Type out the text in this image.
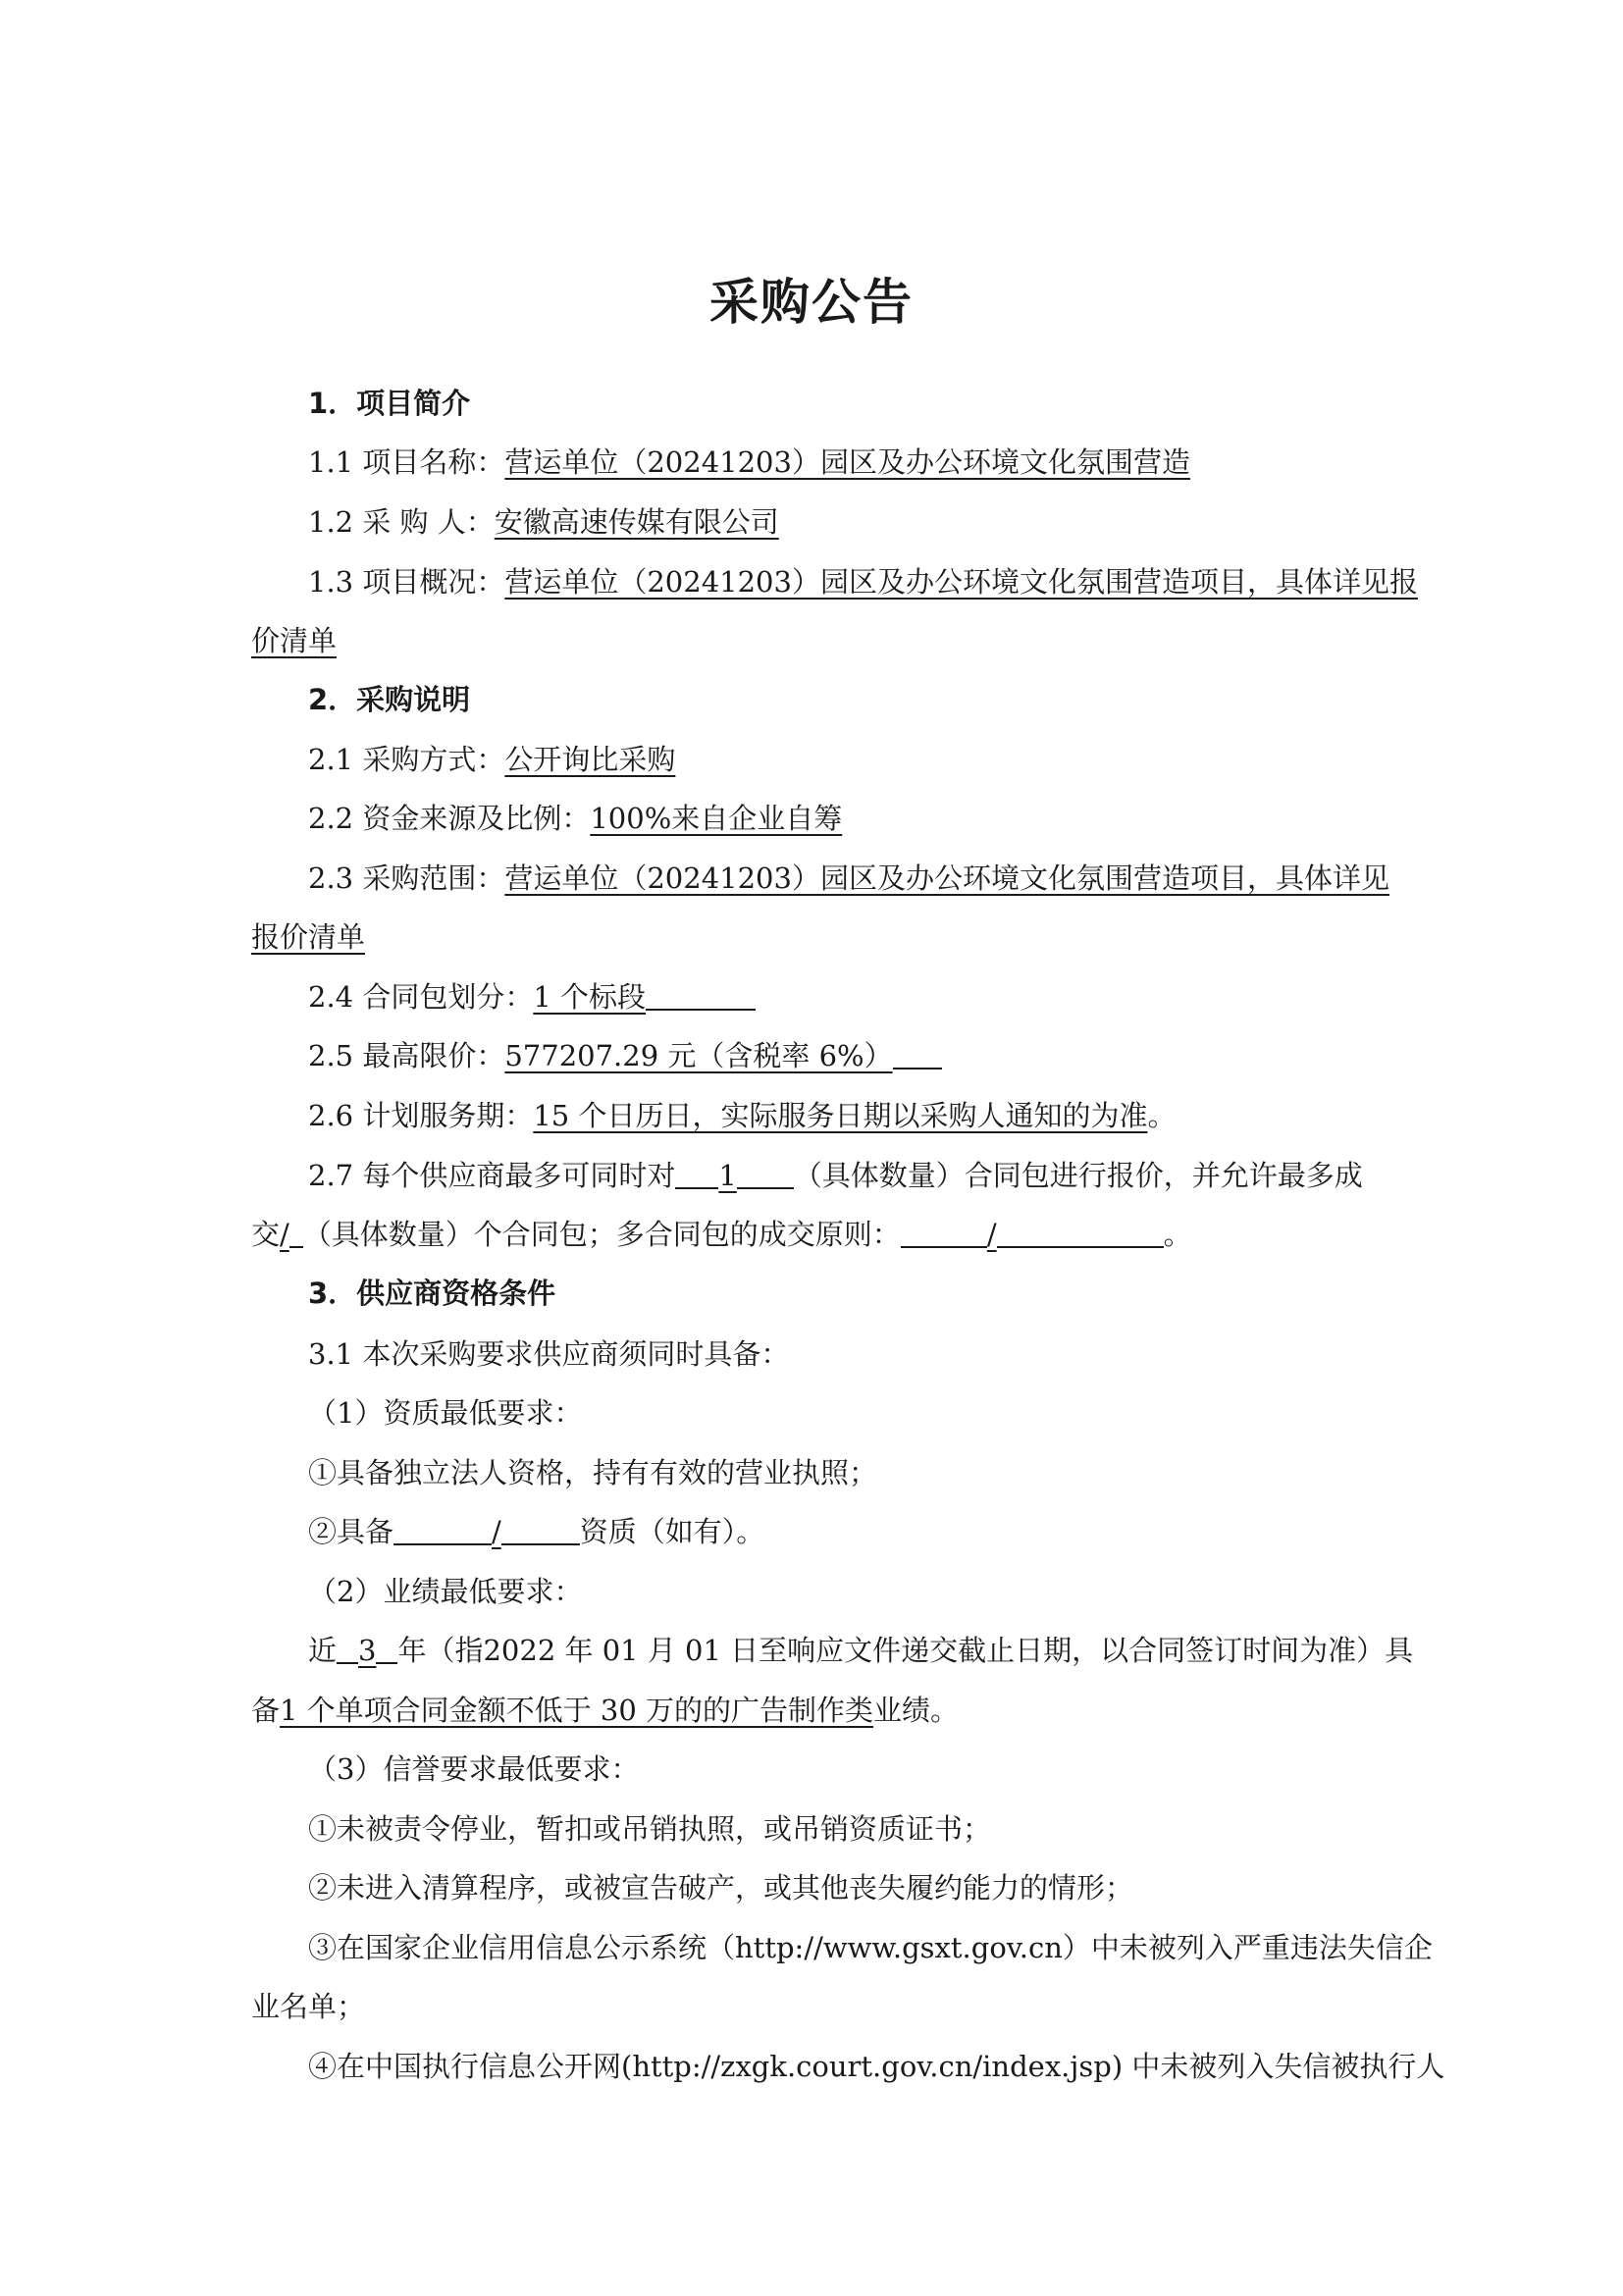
采购公告

1．项目简介

1.1 项目名称：营运单位（20241203）园区及办公环境文化氛围营造

1.2 采 购 人：安徽高速传媒有限公司

1.3 项目概况：营运单位（20241203）园区及办公环境文化氛围营造项目，具体详见报

价清单

2．采购说明

2.1 采购方式：公开询比采购

2.2 资金来源及比例：100%来自企业自筹

2.3 采购范围：营运单位（20241203）园区及办公环境文化氛围营造项目，具体详见

报价清单

2.4 合同包划分：1 个标段

2.5 最高限价：577207.29 元（含税率 6%）

2.6 计划服务期：15 个日历日，实际服务日期以采购人通知的为准。

2.7 每个供应商最多可同时对 1 （具体数量）合同包进行报价，并允许最多成

交/ （具体数量）个合同包；多合同包的成交原则：	/	。

3．供应商资格条件

3.1 本次采购要求供应商须同时具备：

（1）资质最低要求：

①具备独立法人资格，持有有效的营业执照；

②具备	/	资质（如有）。

（2）业绩最低要求：

近 3 年（指2022 年 01 月 01 日至响应文件递交截止日期，以合同签订时间为准）具

备1 个单项合同金额不低于 30 万的的广告制作类业绩。

（3）信誉要求最低要求：

①未被责令停业，暂扣或吊销执照，或吊销资质证书；

②未进入清算程序，或被宣告破产，或其他丧失履约能力的情形；

③在国家企业信用信息公示系统（http://www.gsxt.gov.cn）中未被列入严重违法失信企

业名单；

④在中国执行信息公开网(http://zxgk.court.gov.cn/index.jsp) 中未被列入失信被执行人
